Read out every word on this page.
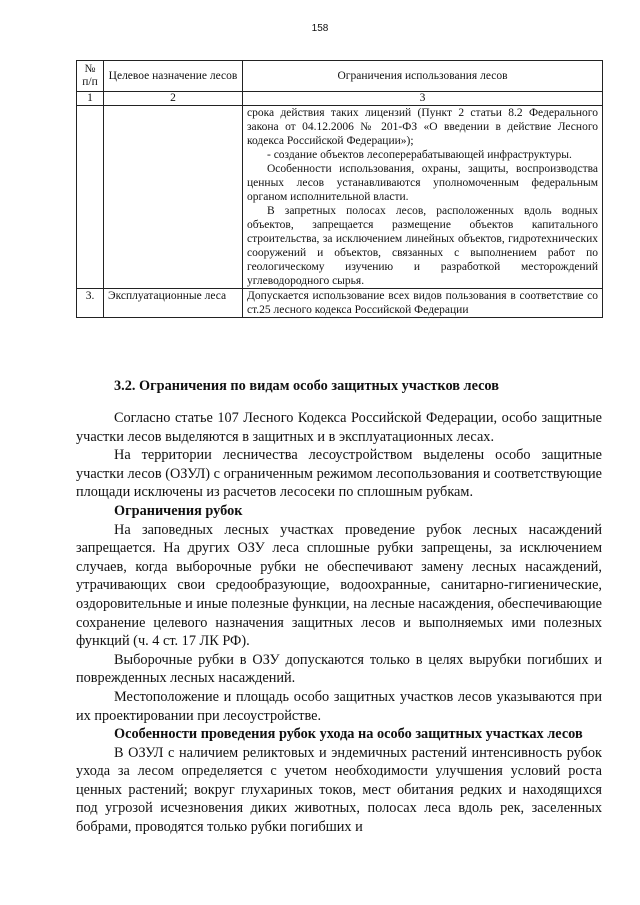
158
№ п/п	Целевое назначение лесов	Ограничения использования лесов
1	2	3

		срока действия таких лицензий (Пункт 2 статьи 8.2 Федерального закона от 04.12.2006 № 201-ФЗ «О введении в действие Лесного кодекса Российской Федерации»);

- создание объектов лесоперерабатывающей инфраструктуры.

Особенности использования, охраны, защиты, воспроизводства ценных лесов устанавливаются уполномоченным федеральным органом исполнительной власти.

В запретных полосах лесов, расположенных вдоль водных объектов, запрещается размещение объектов капитального строительства, за исключением линейных объектов, гидротехнических сооружений и объектов, связанных с выполнением работ по геологическому изучению и разработкой месторождений углеводородного сырья.

3.	Эксплуатационные леса	Допускается использование всех видов пользования в соответствие со ст.25 лесного кодекса Российской Федерации

3.2. Ограничения по видам особо защитных участков лесов

Согласно статье 107 Лесного Кодекса Российской Федерации, особо защитные участки лесов выделяются в защитных и в эксплуатационных лесах.

На территории лесничества лесоустройством выделены особо защитные участки лесов (ОЗУЛ) с ограниченным режимом лесопользования и соответствующие площади исключены из расчетов лесосеки по сплошным рубкам.

Ограничения рубок

На заповедных лесных участках проведение рубок лесных насаждений запрещается. На других ОЗУ леса сплошные рубки запрещены, за исключением случаев, когда выборочные рубки не обеспечивают замену лесных насаждений, утрачивающих свои средообразующие, водоохранные, санитарно-гигиенические, оздоровительные и иные полезные функции, на лесные насаждения, обеспечивающие сохранение целевого назначения защитных лесов и выполняемых ими полезных функций (ч. 4 ст. 17 ЛК РФ).

Выборочные рубки в ОЗУ допускаются только в целях вырубки погибших и поврежденных лесных насаждений.

Местоположение и площадь особо защитных участков лесов указываются при их проектировании при лесоустройстве.

Особенности проведения рубок ухода на особо защитных участках лесов

В ОЗУЛ с наличием реликтовых и эндемичных растений интенсивность рубок ухода за лесом определяется с учетом необходимости улучшения условий роста ценных растений; вокруг глухариных токов, мест обитания редких и находящихся под угрозой исчезновения диких животных, полосах леса вдоль рек, заселенных бобрами, проводятся только рубки погибших и
